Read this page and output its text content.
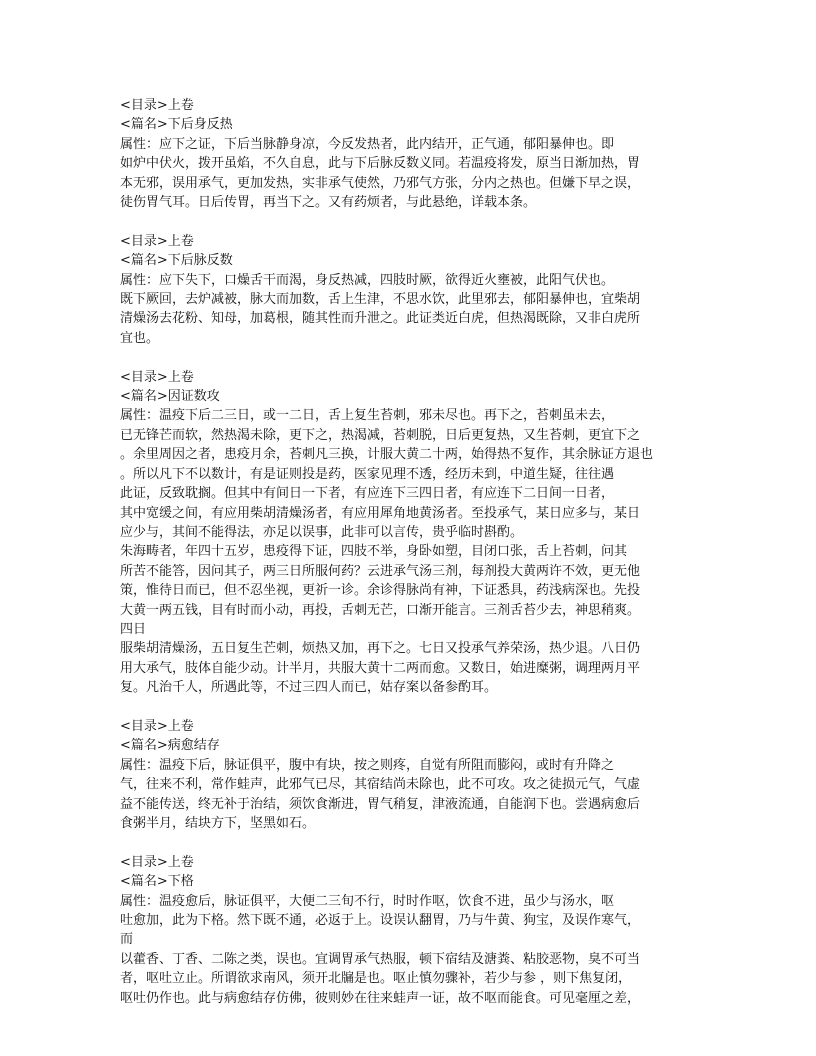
<目录>上卷
<篇名>下后身反热
属性：应下之证，下后当脉静身凉，今反发热者，此内结开，正气通，郁阳暴伸也。即
如炉中伏火，拨开虽焰，不久自息，此与下后脉反数义同。若温疫将发，原当日渐加热，胃
本无邪，误用承气，更加发热，实非承气使然，乃邪气方张，分内之热也。但嫌下早之误，
徒伤胃气耳。日后传胃，再当下之。又有药烦者，与此悬绝，详载本条。
<目录>上卷
<篇名>下后脉反数
属性：应下失下，口燥舌干而渴，身反热减，四肢时厥，欲得近火壅被，此阳气伏也。
既下厥回，去炉减被，脉大而加数，舌上生津，不思水饮，此里邪去，郁阳暴伸也，宜柴胡
清燥汤去花粉、知母，加葛根，随其性而升泄之。此证类近白虎，但热渴既除，又非白虎所
宜也。
<目录>上卷
<篇名>因证数攻
属性：温疫下后二三日，或一二日，舌上复生苔刺，邪未尽也。再下之，苔刺虽未去，
已无锋芒而软，然热渴未除，更下之，热渴减，苔刺脱，日后更复热，又生苔刺，更宜下之
。余里周因之者，患疫月余，苔刺凡三换，计服大黄二十两，始得热不复作，其余脉证方退也
。所以凡下不以数计，有是证则投是药，医家见理不透，经历未到，中道生疑，往往遇
此证，反致耽搁。但其中有间日一下者，有应连下三四日者，有应连下二日间一日者，
其中宽缓之间，有应用柴胡清燥汤者，有应用犀角地黄汤者。至投承气，某日应多与，某日
应少与，其间不能得法，亦足以误事，此非可以言传，贵乎临时斟酌。
朱海畴者，年四十五岁，患疫得下证，四肢不举，身卧如塑，目闭口张，舌上苔刺，问其
所苦不能答，因问其子，两三日所服何药？云进承气汤三剂，每剂投大黄两许不效，更无他
策，惟待日而已，但不忍坐视，更祈一诊。余诊得脉尚有神，下证悉具，药浅病深也。先投
大黄一两五钱，目有时而小动，再投，舌刺无芒，口渐开能言。三剂舌苔少去，神思稍爽。
四日
服柴胡清燥汤，五日复生芒刺，烦热又加，再下之。七日又投承气养荣汤，热少退。八日仍
用大承气，肢体自能少动。计半月，共服大黄十二两而愈。又数日，始进糜粥，调理两月平
复。凡治千人，所遇此等，不过三四人而已，姑存案以备参酌耳。
<目录>上卷
<篇名>病愈结存
属性：温疫下后，脉证俱平，腹中有块，按之则疼，自觉有所阻而膨闷，或时有升降之
气，往来不利，常作蛙声，此邪气已尽，其宿结尚未除也，此不可攻。攻之徒损元气，气虚
益不能传送，终无补于治结，须饮食渐进，胃气稍复，津液流通，自能润下也。尝遇病愈后
食粥半月，结块方下，坚黑如石。
<目录>上卷
<篇名>下格
属性：温疫愈后，脉证俱平，大便二三旬不行，时时作呕，饮食不进，虽少与汤水，呕
吐愈加，此为下格。然下既不通，必返于上。设误认翻胃，乃与牛黄、狗宝，及误作寒气，
而
以藿香、丁香、二陈之类，误也。宜调胃承气热服，顿下宿结及溏粪、粘胶恶物，臭不可当
者，呕吐立止。所谓欲求南风，须开北牖是也。呕止慎勿骤补，若少与参 ，则下焦复闭，
呕吐仍作也。此与病愈结存仿佛，彼则妙在往来蛙声一证，故不呕而能食。可见毫厘之差，
